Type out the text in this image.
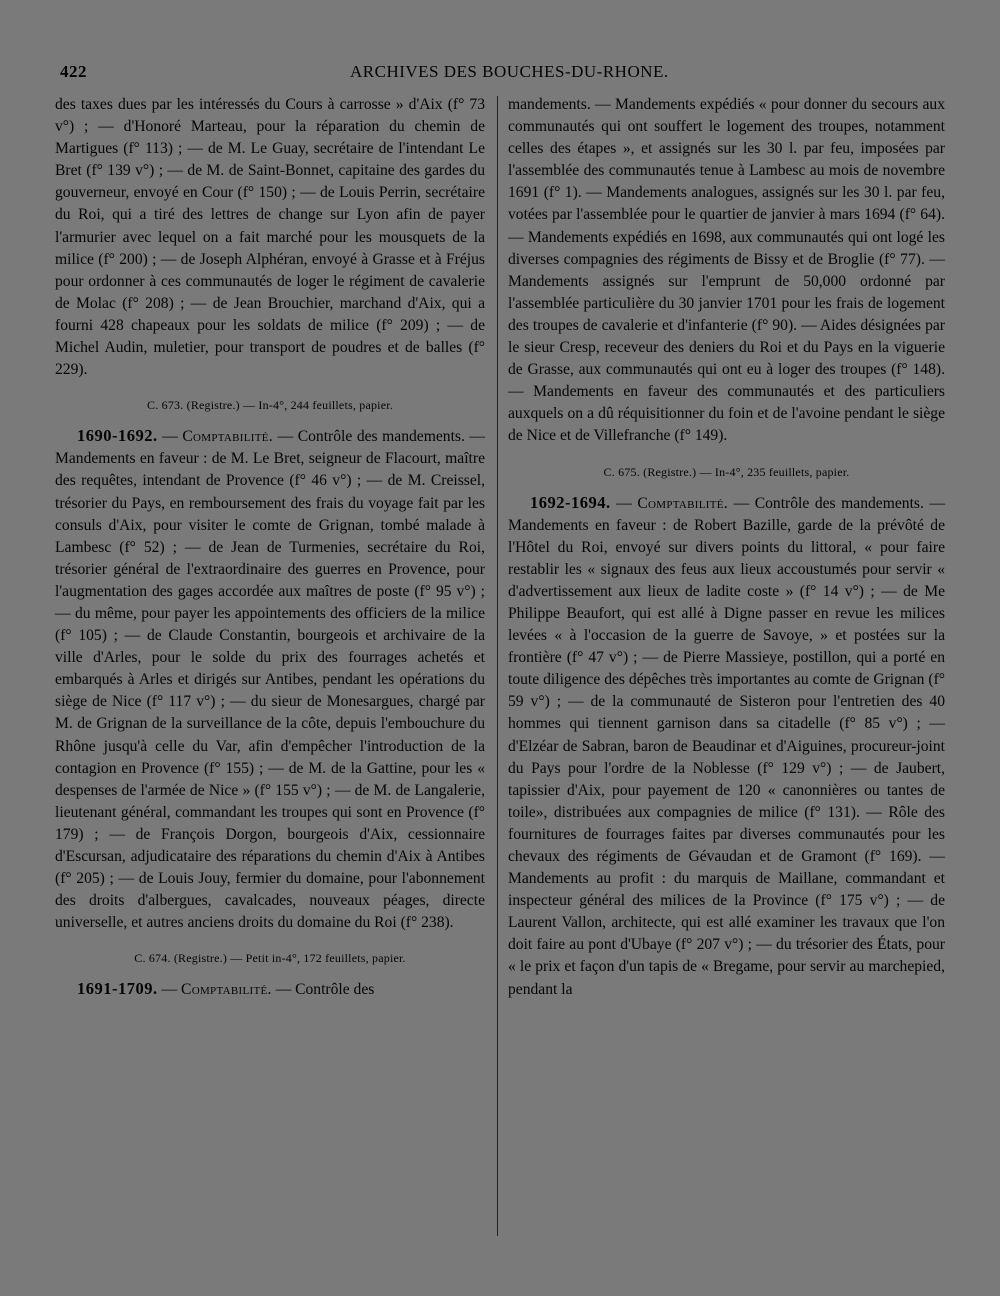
422	ARCHIVES DES BOUCHES-DU-RHONE.

des taxes dues par les intéressés du Cours à carrosse » d'Aix (f° 73 v°) ; — d'Honoré Marteau, pour la réparation du chemin de Martigues (f° 113) ; — de M. Le Guay, secrétaire de l'intendant Le Bret (f° 139 v°) ; — de M. de Saint-Bonnet, capitaine des gardes du gouverneur, envoyé en Cour (f° 150) ; — de Louis Perrin, secrétaire du Roi, qui a tiré des lettres de change sur Lyon afin de payer l'armurier avec lequel on a fait marché pour les mousquets de la milice (f° 200) ; — de Joseph Alphéran, envoyé à Grasse et à Fréjus pour ordonner à ces communautés de loger le régiment de cavalerie de Molac (f° 208) ; — de Jean Brouchier, marchand d'Aix, qui a fourni 428 chapeaux pour les soldats de milice (f° 209) ; — de Michel Audin, muletier, pour transport de poudres et de balles (f° 229).

C. 673. (Registre.) — In-4°, 244 feuillets, papier.

1690-1692. — Comptabilité. — Contrôle des mandements. — Mandements en faveur : de M. Le Bret, seigneur de Flacourt, maître des requêtes, intendant de Provence (f° 46 v°) ; — de M. Creissel, trésorier du Pays, en remboursement des frais du voyage fait par les consuls d'Aix, pour visiter le comte de Grignan, tombé malade à Lambesc (f° 52) ; — de Jean de Turmenies, secrétaire du Roi, trésorier général de l'extraordinaire des guerres en Provence, pour l'augmentation des gages accordée aux maîtres de poste (f° 95 v°) ; — du même, pour payer les appointements des officiers de la milice (f° 105) ; — de Claude Constantin, bourgeois et archivaire de la ville d'Arles, pour le solde du prix des fourrages achetés et embarqués à Arles et dirigés sur Antibes, pendant les opérations du siège de Nice (f° 117 v°) ; — du sieur de Monesargues, chargé par M. de Grignan de la surveillance de la côte, depuis l'embouchure du Rhône jusqu'à celle du Var, afin d'empêcher l'introduction de la contagion en Provence (f° 155) ; — de M. de la Gattine, pour les « despenses de l'armée de Nice » (f° 155 v°) ; — de M. de Langalerie, lieutenant général, commandant les troupes qui sont en Provence (f° 179) ; — de François Dorgon, bourgeois d'Aix, cessionnaire d'Escursan, adjudicataire des réparations du chemin d'Aix à Antibes (f° 205) ; — de Louis Jouy, fermier du domaine, pour l'abonnement des droits d'albergues, cavalcades, nouveaux péages, directe universelle, et autres anciens droits du domaine du Roi (f° 238).

C. 674. (Registre.) — Petit in-4°, 172 feuillets, papier.

1691-1709. — Comptabilité. — Contrôle des

mandements. — Mandements expédiés « pour donner du secours aux communautés qui ont souffert le logement des troupes, notamment celles des étapes », et assignés sur les 30 l. par feu, imposées par l'assemblée des communautés tenue à Lambesc au mois de novembre 1691 (f° 1). — Mandements analogues, assignés sur les 30 l. par feu, votées par l'assemblée pour le quartier de janvier à mars 1694 (f° 64). — Mandements expédiés en 1698, aux communautés qui ont logé les diverses compagnies des régiments de Bissy et de Broglie (f° 77). — Mandements assignés sur l'emprunt de 50,000 ordonné par l'assemblée particulière du 30 janvier 1701 pour les frais de logement des troupes de cavalerie et d'infanterie (f° 90). — Aides désignées par le sieur Cresp, receveur des deniers du Roi et du Pays en la viguerie de Grasse, aux communautés qui ont eu à loger des troupes (f° 148). — Mandements en faveur des communautés et des particuliers auxquels on a dû réquisitionner du foin et de l'avoine pendant le siège de Nice et de Villefranche (f° 149).

C. 675. (Registre.) — In-4°, 235 feuillets, papier.

1692-1694. — Comptabilité. — Contrôle des mandements. — Mandements en faveur : de Robert Bazille, garde de la prévôté de l'Hôtel du Roi, envoyé sur divers points du littoral, « pour faire restablir les « signaux des feus aux lieux accoustumés pour servir « d'advertissement aux lieux de ladite coste » (f° 14 v°) ; — de Me Philippe Beaufort, qui est allé à Digne passer en revue les milices levées « à l'occasion de la guerre de Savoye, » et postées sur la frontière (f° 47 v°) ; — de Pierre Massieye, postillon, qui a porté en toute diligence des dépêches très importantes au comte de Grignan (f° 59 v°) ; — de la communauté de Sisteron pour l'entretien des 40 hommes qui tiennent garnison dans sa citadelle (f° 85 v°) ; — d'Elzéar de Sabran, baron de Beaudinar et d'Aiguines, procureur-joint du Pays pour l'ordre de la Noblesse (f° 129 v°) ; — de Jaubert, tapissier d'Aix, pour payement de 120 « canonnières ou tantes de toile», distribuées aux compagnies de milice (f° 131). — Rôle des fournitures de fourrages faites par diverses communautés pour les chevaux des régiments de Gévaudan et de Gramont (f° 169). — Mandements au profit : du marquis de Maillane, commandant et inspecteur général des milices de la Province (f° 175 v°) ; — de Laurent Vallon, architecte, qui est allé examiner les travaux que l'on doit faire au pont d'Ubaye (f° 207 v°) ; — du trésorier des États, pour « le prix et façon d'un tapis de « Bregame, pour servir au marchepied, pendant la
